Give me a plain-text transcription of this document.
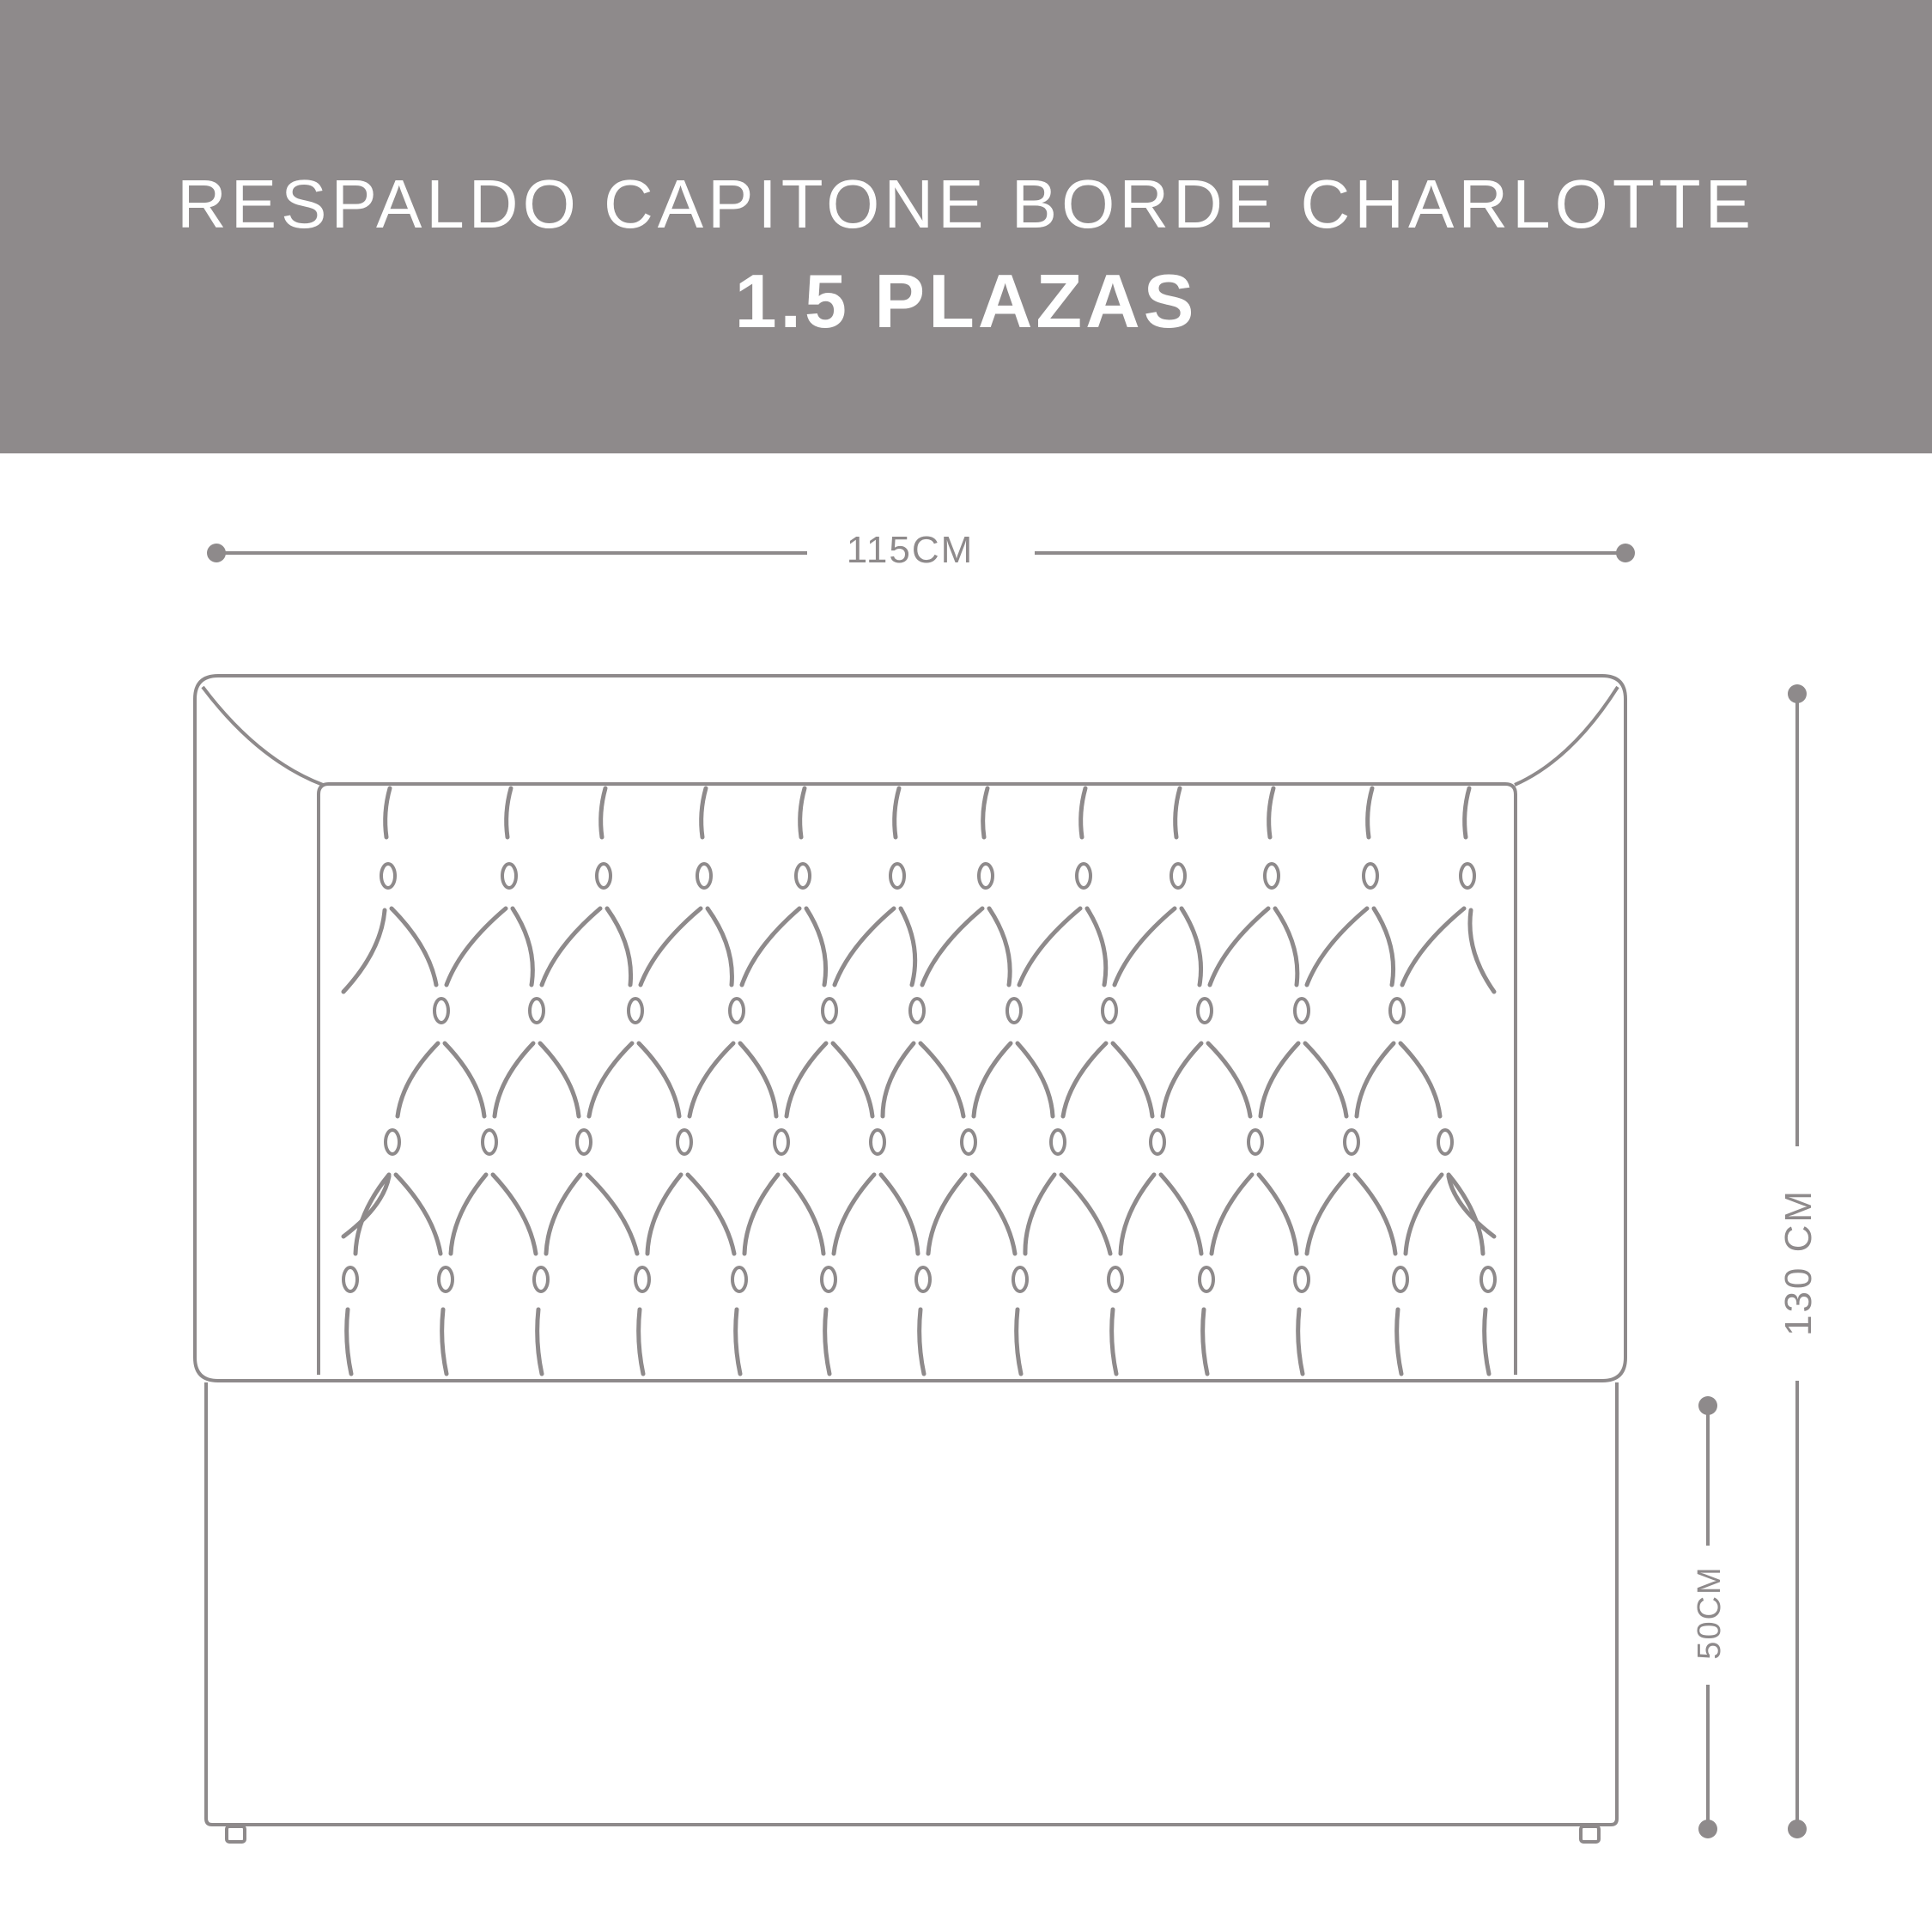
RESPALDO CAPITONE BORDE CHARLOTTE
1.5 PLAZAS
115CM
130 CM
50CM
